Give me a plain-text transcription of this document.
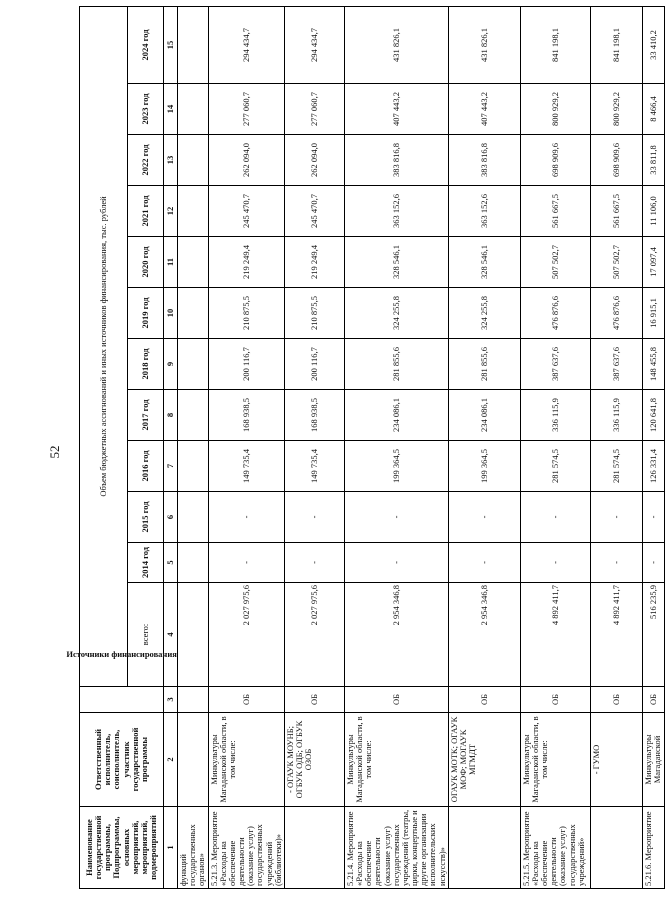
52
Наименование государственной программы, Подпрограммы, основных мероприятий, мероприятий, подмероприятий	Ответственный исполнитель, соисполнитель, участник государственной программы	Источники финансирования	Объем бюджетных ассигнований и иных источников финансирования, тыс. рублей											
			всего:	2014 год	2015 год	2016 год	2017 год	2018 год	2019 год	2020 год	2021 год	2022 год	2023 год	2024 год
1	2	3	4	5	6	7	8	9	10	11	12	13	14	15
функций государственных органов»														
5.21.3. Мероприятие «Расходы на обеспечение деятельности (оказание услуг) государственных учреждений (библиотеки)»	Минкультуры Магаданской области, в том числе:	ОБ	2 027 975,6	-	-	149 735,4	168 938,5	200 116,7	210 875,5	219 249,4	245 470,7	262 094,0	277 060,7	294 434,7
	- ОГАУК МОУНБ; ОГБУК ОДБ; ОГБУК ОЗОБ	ОБ	2 027 975,6	-	-	149 735,4	168 938,5	200 116,7	210 875,5	219 249,4	245 470,7	262 094,0	277 060,7	294 434,7
5.21.4. Мероприятие «Расходы на обеспечение деятельности (оказание услуг) государственных учреждений (театры, цирки, концертные и другие организации исполнительских искусств)»	Минкультуры Магаданской области, в том числе:	ОБ	2 954 346,8	-	-	199 364,5	234 086,1	281 855,6	324 255,8	328 546,1	363 152,6	383 816,8	407 443,2	431 826,1
	ОГАУК МОТК; ОГАУК МОФ; МОГАУК МГМДТ	ОБ	2 954 346,8	-	-	199 364,5	234 086,1	281 855,6	324 255,8	328 546,1	363 152,6	383 816,8	407 443,2	431 826,1
5.21.5. Мероприятие «Расходы на обеспечение деятельности (оказание услуг) государственных учреждений»	Минкультуры Магаданской области, в том числе:	ОБ	4 892 411,7	-	-	281 574,5	336 115,9	387 637,6	476 876,6	507 502,7	561 667,5	698 909,6	800 929,2	841 198,1
	- ГУМО	ОБ	4 892 411,7	-	-	281 574,5	336 115,9	387 637,6	476 876,6	507 502,7	561 667,5	698 909,6	800 929,2	841 198,1
5.21.6. Мероприятие	Минкультуры Магаданской	ОБ	516 235,9	-	-	126 331,4	120 641,8	148 455,8	16 915,1	17 097,4	11 106,0	33 811,8	8 466,4	33 410,2
